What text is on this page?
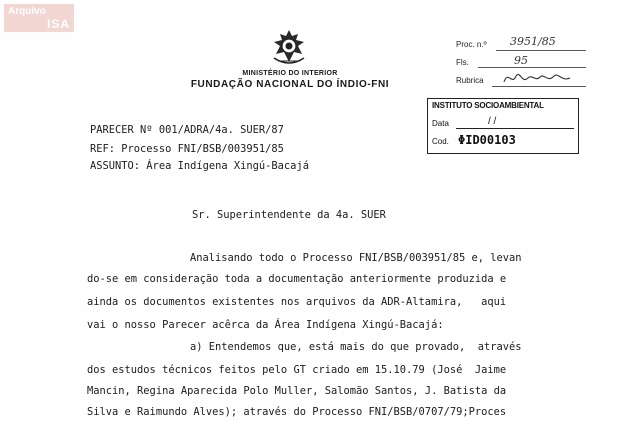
Arquivo
ISA
MINISTÉRIO DO INTERIOR
FUNDAÇÃO NACIONAL DO ÍNDIO-FNI
Proc. n.º 3951/85
Fls.	95
Rubrica
INSTITUTO SOCIOAMBIENTAL
Data	/ /
Cod. ΦID00103
PARECER Nº 001/ADRA/4a. SUER/87
REF: Processo FNI/BSB/003951/85
ASSUNTO: Área Indígena Xingú-Bacajá
Sr. Superintendente da 4a. SUER
Analisando todo o Processo FNI/BSB/003951/85 e, levan
do-se em consideração toda a documentação anteriormente produzida e
ainda os documentos existentes nos arquivos da ADR-Altamira,   aqui
vai o nosso Parecer acêrca da Área Indígena Xingú-Bacajá:
a) Entendemos que, está mais do que provado,  através
dos estudos técnicos feitos pelo GT criado em 15.10.79 (José  Jaime
Mancin, Regina Aparecida Polo Muller, Salomão Santos, J. Batista da
Silva e Raimundo Alves); através do Processo FNI/BSB/0707/79;Proces
